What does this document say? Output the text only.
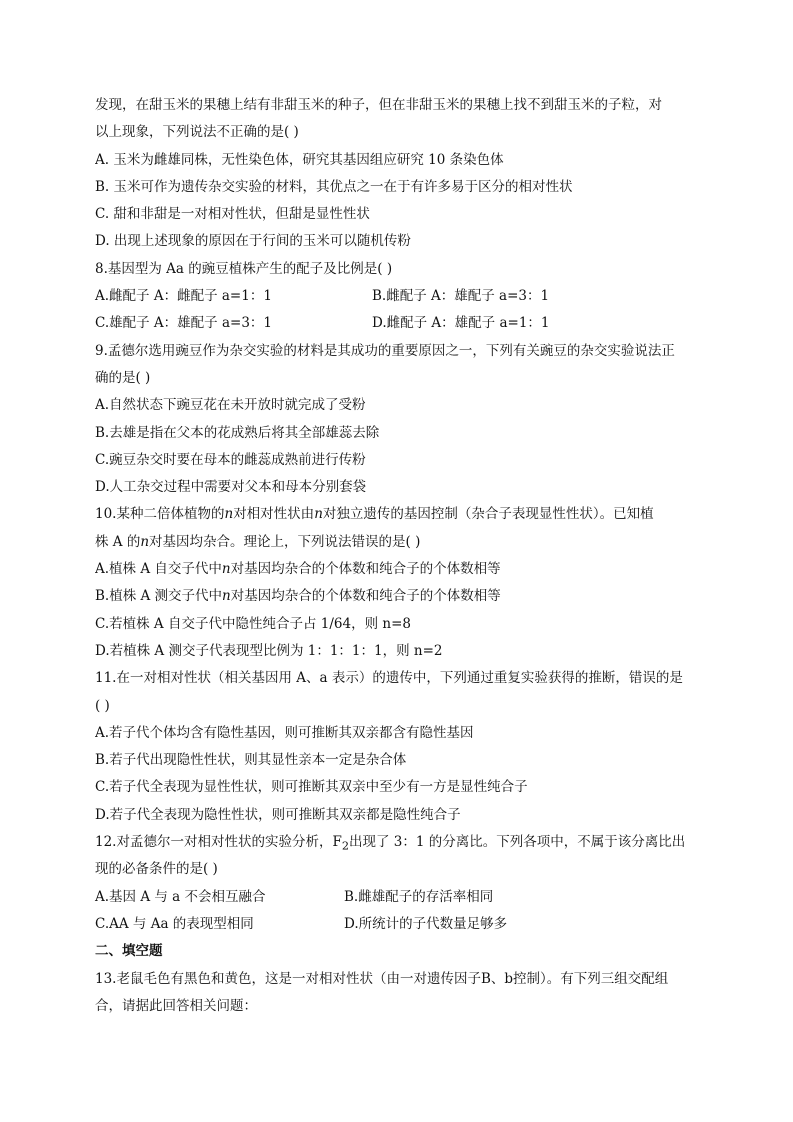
发现，在甜玉米的果穗上结有非甜玉米的种子，但在非甜玉米的果穗上找不到甜玉米的子粒，对
以上现象，下列说法不正确的是( )
A. 玉米为雌雄同株，无性染色体，研究其基因组应研究 10 条染色体
B. 玉米可作为遗传杂交实验的材料，其优点之一在于有许多易于区分的相对性状
C. 甜和非甜是一对相对性状，但甜是显性性状
D. 出现上述现象的原因在于行间的玉米可以随机传粉
8.基因型为 Aa 的豌豆植株产生的配子及比例是( )
A.雌配子 A：雌配子 a=1：1	B.雌配子 A：雄配子 a=3：1
C.雄配子 A：雄配子 a=3：1	D.雌配子 A：雄配子 a=1：1
9.孟德尔选用豌豆作为杂交实验的材料是其成功的重要原因之一，下列有关豌豆的杂交实验说法正
确的是( )
A.自然状态下豌豆花在未开放时就完成了受粉
B.去雄是指在父本的花成熟后将其全部雄蕊去除
C.豌豆杂交时要在母本的雌蕊成熟前进行传粉
D.人工杂交过程中需要对父本和母本分别套袋
10.某种二倍体植物的n对相对性状由n对独立遗传的基因控制（杂合子表现显性性状）。已知植
株 A 的n对基因均杂合。理论上，下列说法错误的是( )
A.植株 A 自交子代中n对基因均杂合的个体数和纯合子的个体数相等
B.植株 A 测交子代中n对基因均杂合的个体数和纯合子的个体数相等
C.若植株 A 自交子代中隐性纯合子占 1/64，则 n=8
D.若植株 A 测交子代表现型比例为 1：1：1：1，则 n=2
11.在一对相对性状（相关基因用 A、a 表示）的遗传中，下列通过重复实验获得的推断，错误的是
( )
A.若子代个体均含有隐性基因，则可推断其双亲都含有隐性基因
B.若子代出现隐性性状，则其显性亲本一定是杂合体
C.若子代全表现为显性性状，则可推断其双亲中至少有一方是显性纯合子
D.若子代全表现为隐性性状，则可推断其双亲都是隐性纯合子
12.对孟德尔一对相对性状的实验分析，$F_2$出现了 3：1 的分离比。下列各项中，不属于该分离比出
现的必备条件的是( )
A.基因 A 与 a 不会相互融合	B.雌雄配子的存活率相同
C.AA 与 Aa 的表现型相同	D.所统计的子代数量足够多
二、填空题
13.老鼠毛色有黑色和黄色，这是一对相对性状（由一对遗传因子B、b控制）。有下列三组交配组
合，请据此回答相关问题：
